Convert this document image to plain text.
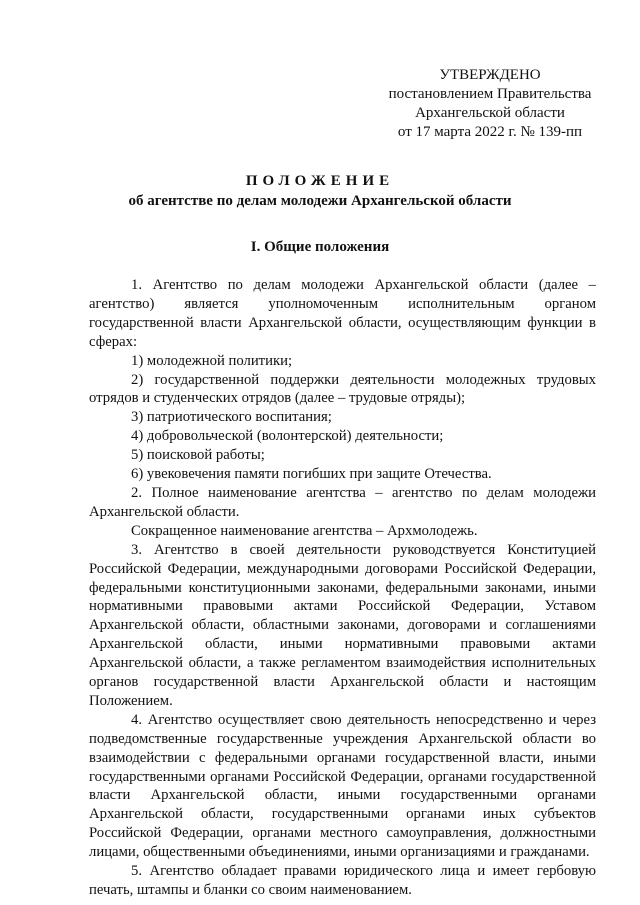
УТВЕРЖДЕНО
постановлением Правительства
Архангельской области
от 17 марта 2022 г. № 139-пп
ПОЛОЖЕНИЕ
об агентстве по делам молодежи Архангельской области
I. Общие положения

1. Агентство по делам молодежи Архангельской области (далее – агентство) является уполномоченным исполнительным органом государственной власти Архангельской области, осуществляющим функции в сферах:

1) молодежной политики;

2) государственной поддержки деятельности молодежных трудовых отрядов и студенческих отрядов (далее – трудовые отряды);

3) патриотического воспитания;

4) добровольческой (волонтерской) деятельности;

5) поисковой работы;

6) увековечения памяти погибших при защите Отечества.

2. Полное наименование агентства – агентство по делам молодежи Архангельской области.

Сокращенное наименование агентства – Архмолодежь.

3. Агентство в своей деятельности руководствуется Конституцией Российской Федерации, международными договорами Российской Федерации, федеральными конституционными законами, федеральными законами, иными нормативными правовыми актами Российской Федерации, Уставом Архангельской области, областными законами, договорами и соглашениями Архангельской области, иными нормативными правовыми актами Архангельской области, а также регламентом взаимодействия исполнительных органов государственной власти Архангельской области и настоящим Положением.

4. Агентство осуществляет свою деятельность непосредственно и через подведомственные государственные учреждения Архангельской области во взаимодействии с федеральными органами государственной власти, иными государственными органами Российской Федерации, органами государственной власти Архангельской области, иными государственными органами Архангельской области, государственными органами иных субъектов Российской Федерации, органами местного самоуправления, должностными лицами, общественными объединениями, иными организациями и гражданами.

5. Агентство обладает правами юридического лица и имеет гербовую печать, штампы и бланки со своим наименованием.
